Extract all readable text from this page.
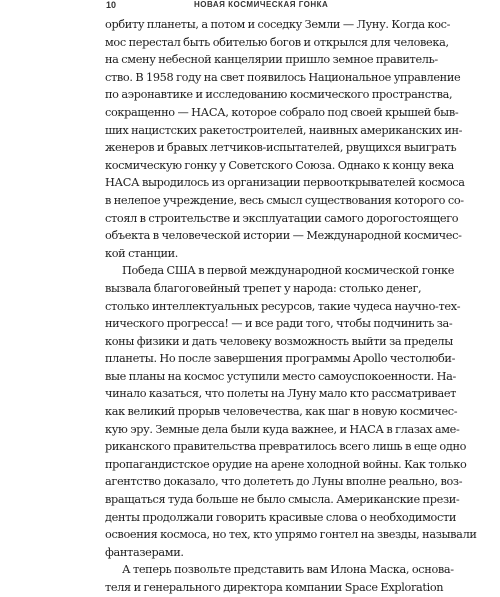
10	НОВАЯ КОСМИЧЕСКАЯ ГОНКА
орбиту планеты, а потом и соседку Земли — Луну. Когда кос-
мос перестал быть обителью богов и открылся для человека,
на смену небесной канцелярии пришло земное правитель-
ство. В 1958 году на свет появилось Национальное управление
по аэронавтике и исследованию космического пространства,
сокращенно — НАСА, которое собрало под своей крышей быв-
ших нацистских ракетостроителей, наивных американских ин-
женеров и бравых летчиков-испытателей, рвущихся выиграть
космическую гонку у Советского Союза. Однако к концу века
НАСА выродилось из организации первооткрывателей космоса
в нелепое учреждение, весь смысл существования которого со-
стоял в строительстве и эксплуатации самого дорогостоящего
объекта в человеческой истории — Международной космичес-
кой станции.
Победа США в первой международной космической гонке
вызвала благоговейный трепет у народа: столько денег,
столько интеллектуальных ресурсов, такие чудеса научно-тех-
нического прогресса! — и все ради того, чтобы подчинить за-
коны физики и дать человеку возможность выйти за пределы
планеты. Но после завершения программы Apollo честолюби-
вые планы на космос уступили место самоуспокоенности. На-
чинало казаться, что полеты на Луну мало кто рассматривает
как великий прорыв человечества, как шаг в новую космичес-
кую эру. Земные дела были куда важнее, и НАСА в глазах аме-
риканского правительства превратилось всего лишь в еще одно
пропагандистское орудие на арене холодной войны. Как только
агентство доказало, что долететь до Луны вполне реально, воз-
вращаться туда больше не было смысла. Американские прези-
денты продолжали говорить красивые слова о необходимости
освоения космоса, но тех, кто упрямо гонтел на звезды, называли
фантазерами.
А теперь позвольте представить вам Илона Маска, основа-
теля и генерального директора компании Space Exploration
